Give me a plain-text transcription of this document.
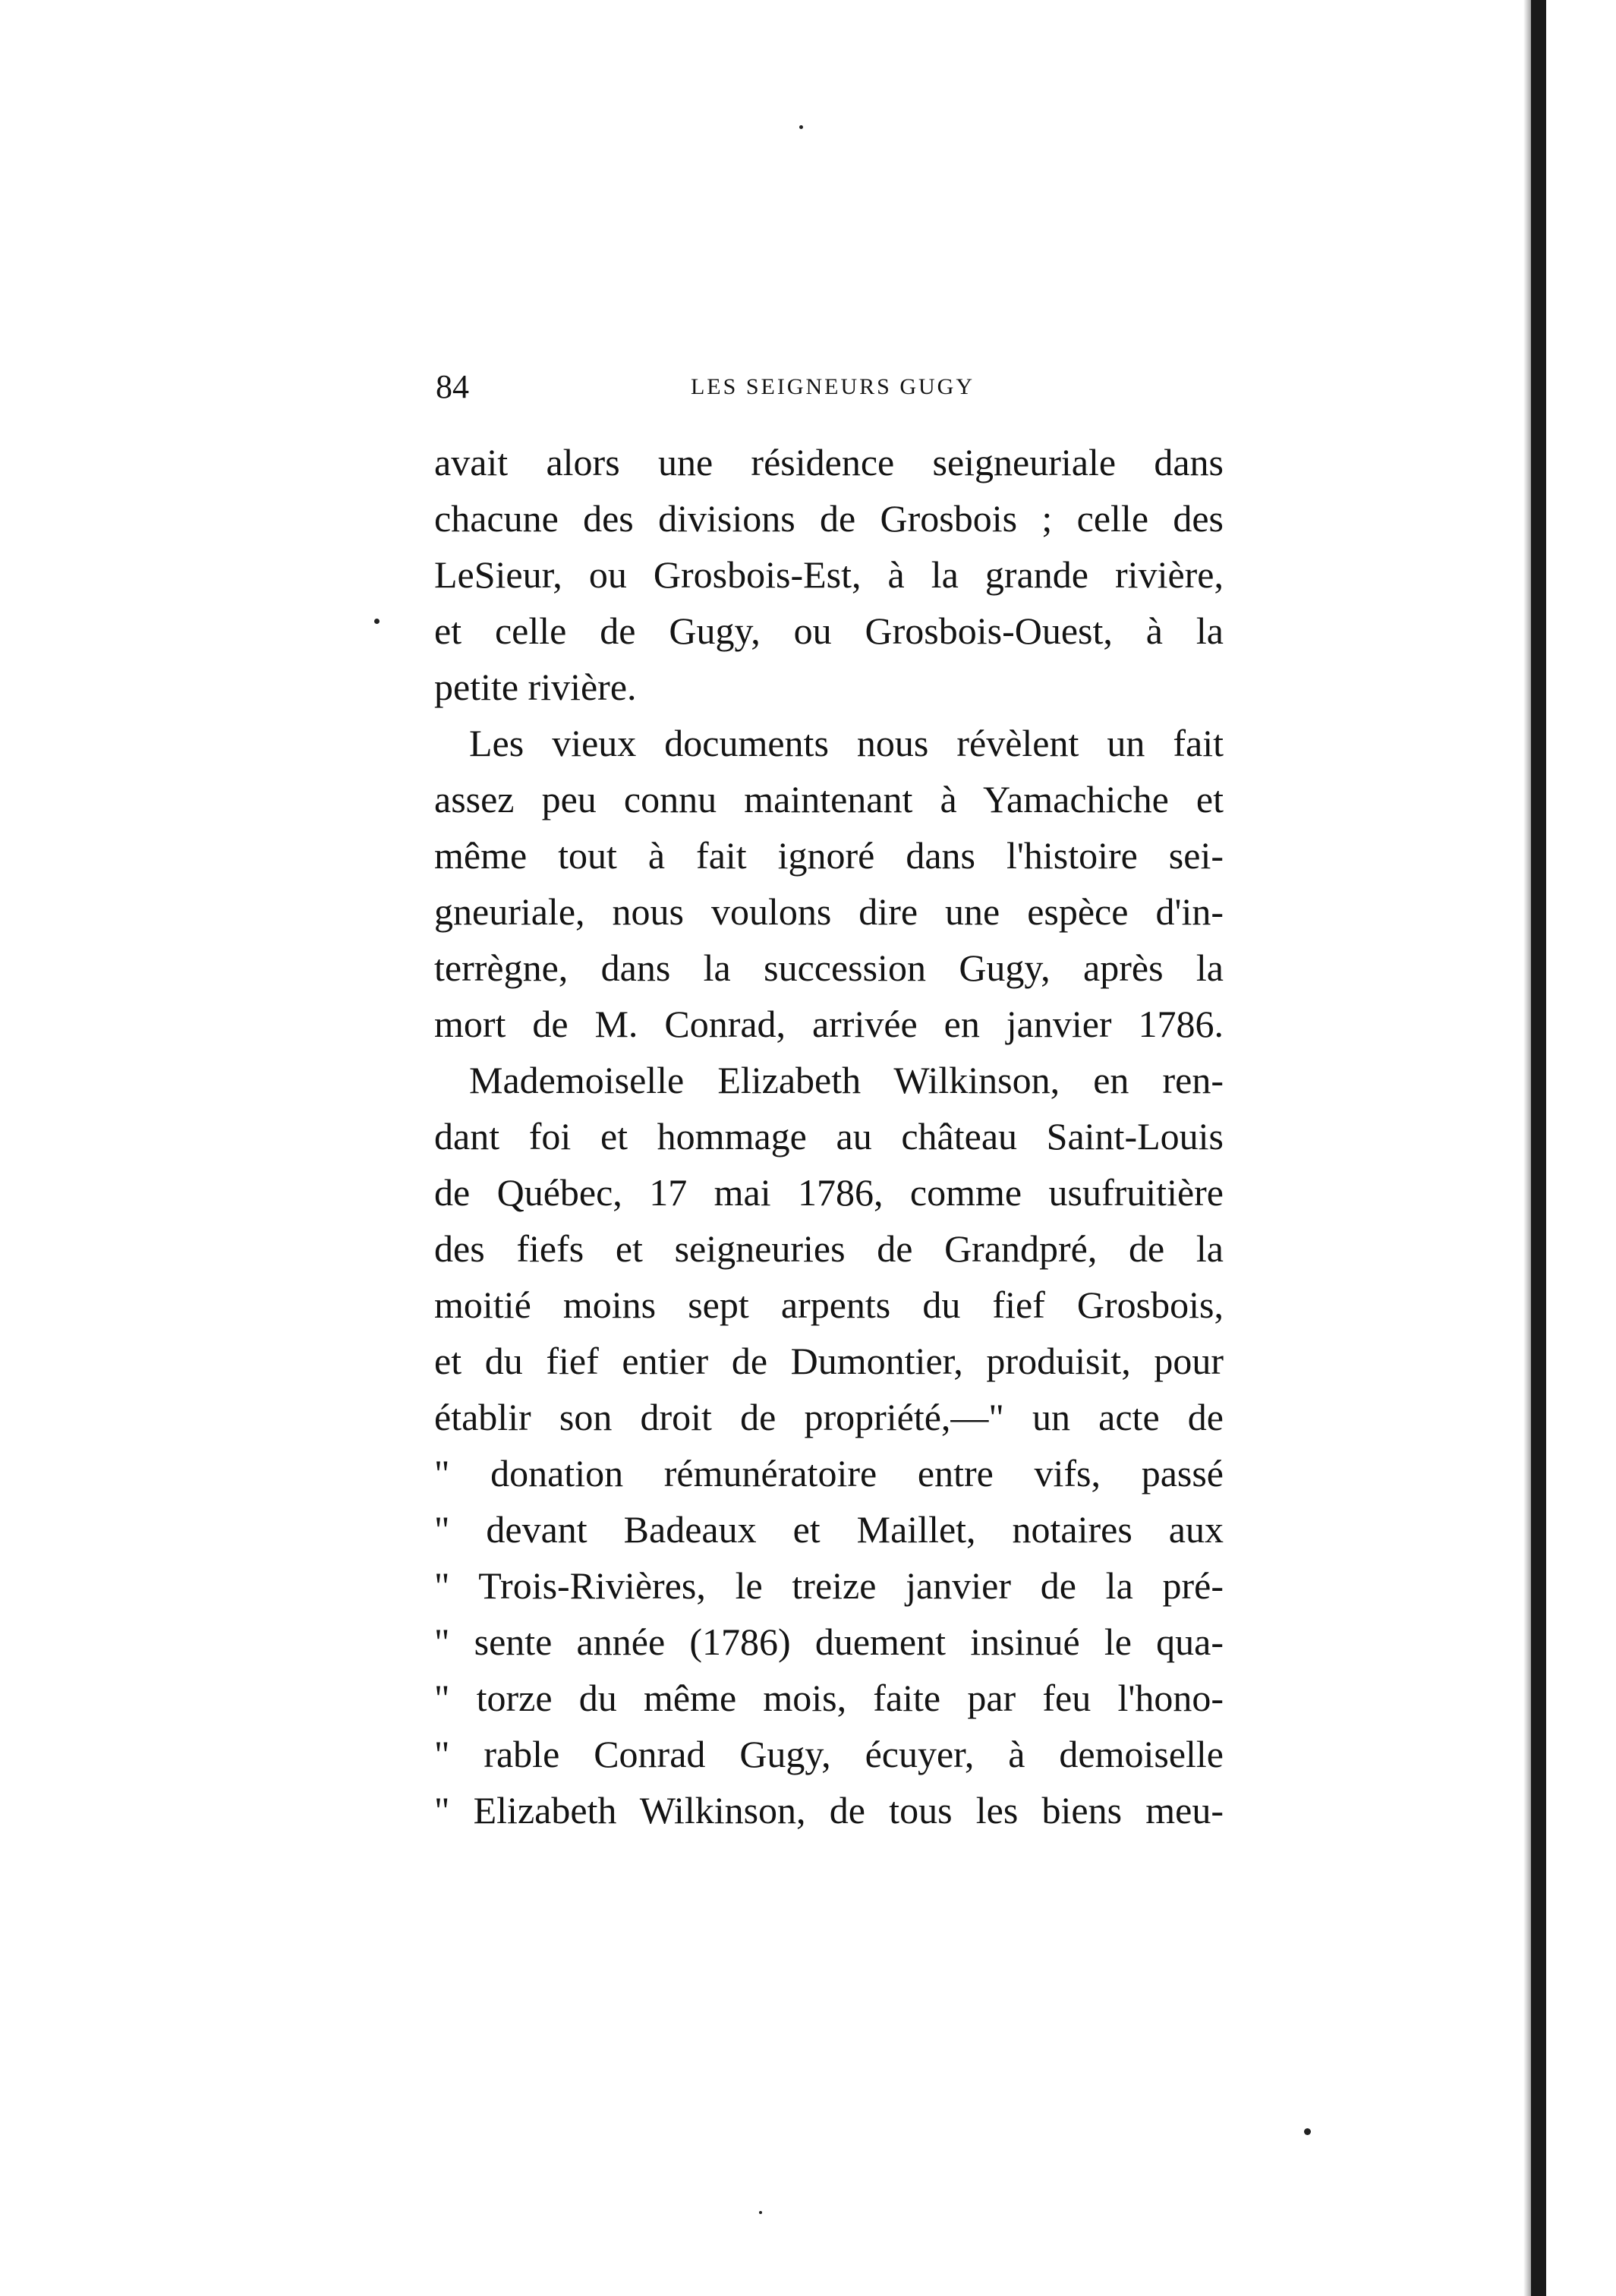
84	LES SEIGNEURS GUGY
avait alors une résidence seigneuriale dans
chacune des divisions de Grosbois ; celle des
LeSieur, ou Grosbois-Est, à la grande rivière,
et celle de Gugy, ou Grosbois-Ouest, à la
petite rivière.
Les vieux documents nous révèlent un fait
assez peu connu maintenant à Yamachiche et
même tout à fait ignoré dans l'histoire sei-
gneuriale, nous voulons dire une espèce d'in-
terrègne, dans la succession Gugy, après la
mort de M. Conrad, arrivée en janvier 1786.
Mademoiselle Elizabeth Wilkinson, en ren-
dant foi et hommage au château Saint-Louis
de Québec, 17 mai 1786, comme usufruitière
des fiefs et seigneuries de Grandpré, de la
moitié moins sept arpents du fief Grosbois,
et du fief entier de Dumontier, produisit, pour
établir son droit de propriété,—" un acte de
" donation rémunératoire entre vifs, passé
" devant Badeaux et Maillet, notaires aux
" Trois-Rivières, le treize janvier de la pré-
" sente année (1786) duement insinué le qua-
" torze du même mois, faite par feu l'hono-
" rable Conrad Gugy, écuyer, à demoiselle
" Elizabeth Wilkinson, de tous les biens meu-
